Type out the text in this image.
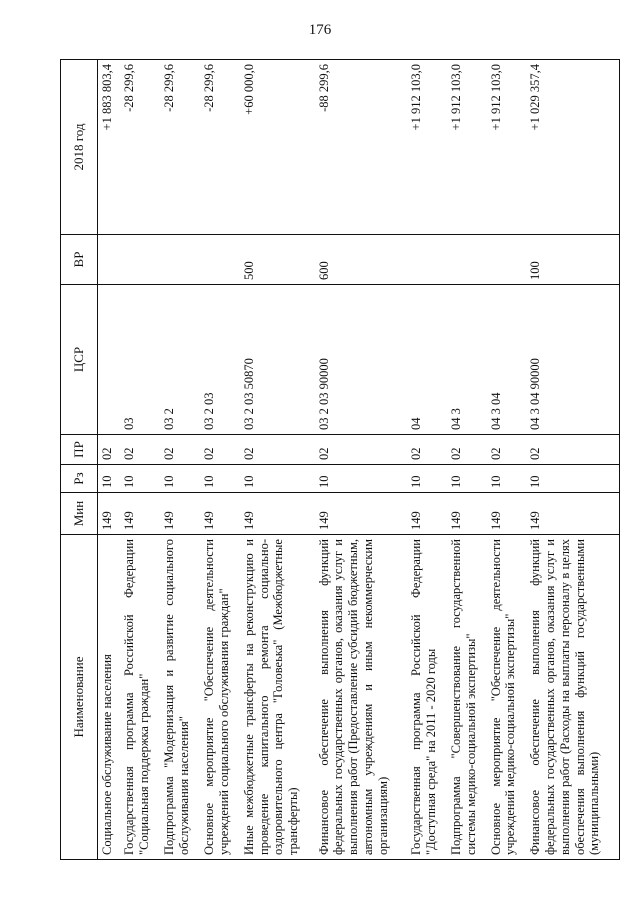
176
Наименование	Мин	Рз	ПР	ЦСР	ВР	2018 год
Социальное обслуживание населения	149	10	02			+1 883 803,4
Государственная программа Российской Федерации "Социальная поддержка граждан"	149	10	02	03		-28 299,6
Подпрограмма "Модернизация и развитие социального обслуживания населения"	149	10	02	03 2		-28 299,6
Основное мероприятие "Обеспечение деятельности учреждений социального обслуживания граждан"	149	10	02	03 2 03		-28 299,6
Иные межбюджетные трансферты на реконструкцию и проведение капитального ремонта социально-оздоровительного центра "Головеька" (Межбюджетные трансферты)	149	10	02	03 2 03 50870	500	+60 000,0
Финансовое обеспечение выполнения функций федеральных государственных органов, оказания услуг и выполнения работ (Предоставление субсидий бюджетным, автономным учреждениям и иным некоммерческим организациям)	149	10	02	03 2 03 90000	600	-88 299,6
Государственная программа Российской Федерации "Доступная среда" на 2011 - 2020 годы	149	10	02	04		+1 912 103,0
Подпрограмма "Совершенствование государственной системы медико-социальной экспертизы"	149	10	02	04 3		+1 912 103,0
Основное мероприятие "Обеспечение деятельности учреждений медико-социальной экспертизы"	149	10	02	04 3 04		+1 912 103,0
Финансовое обеспечение выполнения функций федеральных государственных органов, оказания услуг и выполнения работ (Расходы на выплаты персоналу в целях обеспечения выполнения функций государственными (муниципальными)	149	10	02	04 3 04 90000	100	+1 029 357,4
